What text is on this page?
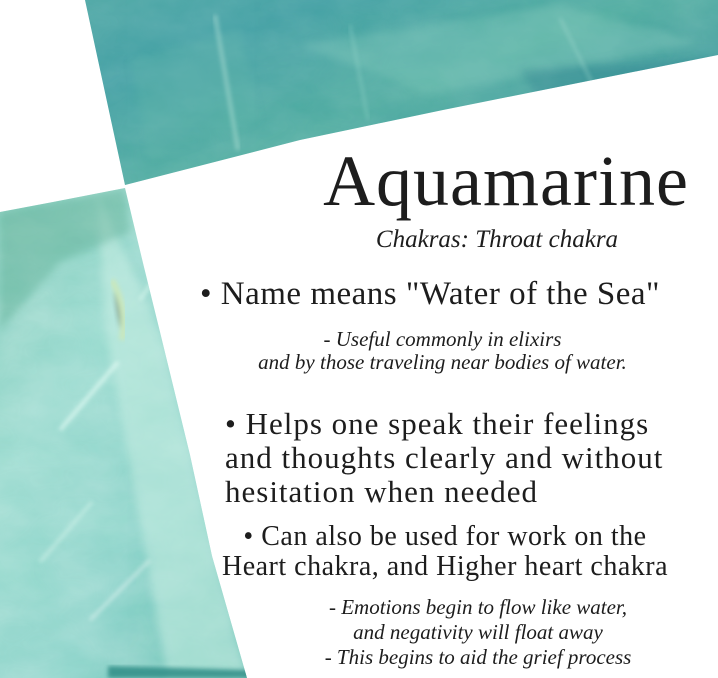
Aquamarine
Chakras: Throat chakra
• Name means "Water of the Sea"
- Useful commonly in elixirs
and by those traveling near bodies of water.
• Helps one speak their feelings
and thoughts clearly and without
hesitation when needed
• Can also be used for work on the
Heart chakra, and Higher heart chakra
- Emotions begin to flow like water,
and negativity will float away
- This begins to aid the grief process
